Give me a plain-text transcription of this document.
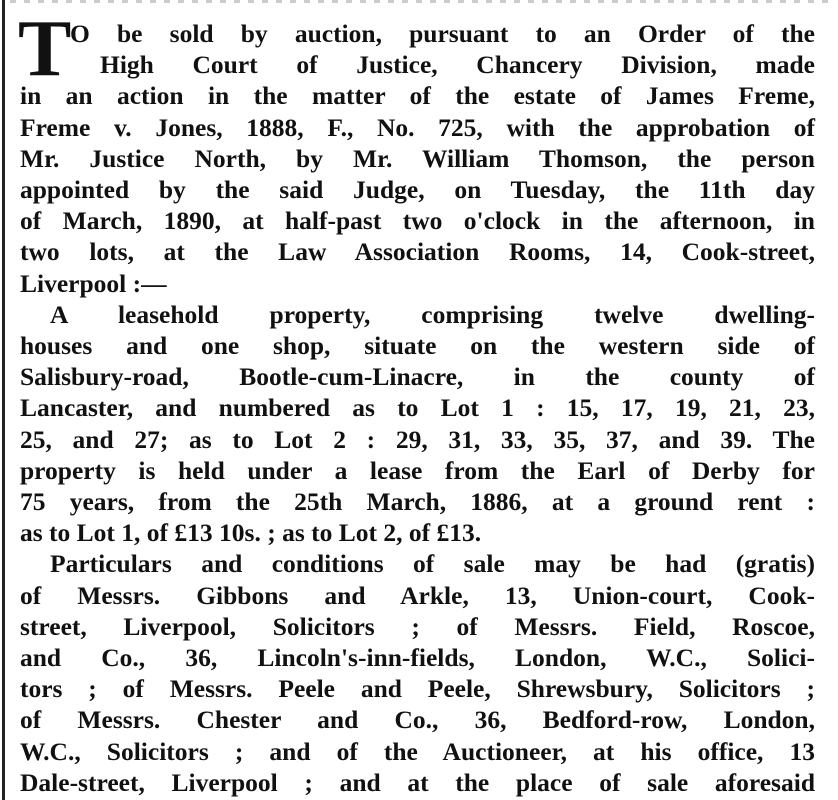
T
O be sold by auction, pursuant to an Order of the
High Court of Justice, Chancery Division, made
in an action in the matter of the estate of James Freme,
Freme v. Jones, 1888, F., No. 725, with the approbation of
Mr. Justice North, by Mr. William Thomson, the person
appointed by the said Judge, on Tuesday, the 11th day
of March, 1890, at half-past two o'clock in the afternoon, in
two lots, at the Law Association Rooms, 14, Cook-street,
Liverpool :—
A leasehold property, comprising twelve dwelling-
houses and one shop, situate on the western side of
Salisbury-road, Bootle-cum-Linacre, in the county of
Lancaster, and numbered as to Lot 1 : 15, 17, 19, 21, 23,
25, and 27; as to Lot 2 : 29, 31, 33, 35, 37, and 39. The
property is held under a lease from the Earl of Derby for
75 years, from the 25th March, 1886, at a ground rent :
as to Lot 1, of £13 10s. ; as to Lot 2, of £13.
Particulars and conditions of sale may be had (gratis)
of Messrs. Gibbons and Arkle, 13, Union-court, Cook-
street, Liverpool, Solicitors ; of Messrs. Field, Roscoe,
and Co., 36, Lincoln's-inn-fields, London, W.C., Solici-
tors ; of Messrs. Peele and Peele, Shrewsbury, Solicitors ;
of Messrs. Chester and Co., 36, Bedford-row, London,
W.C., Solicitors ; and of the Auctioneer, at his office, 13
Dale-street, Liverpool ; and at the place of sale aforesaid
